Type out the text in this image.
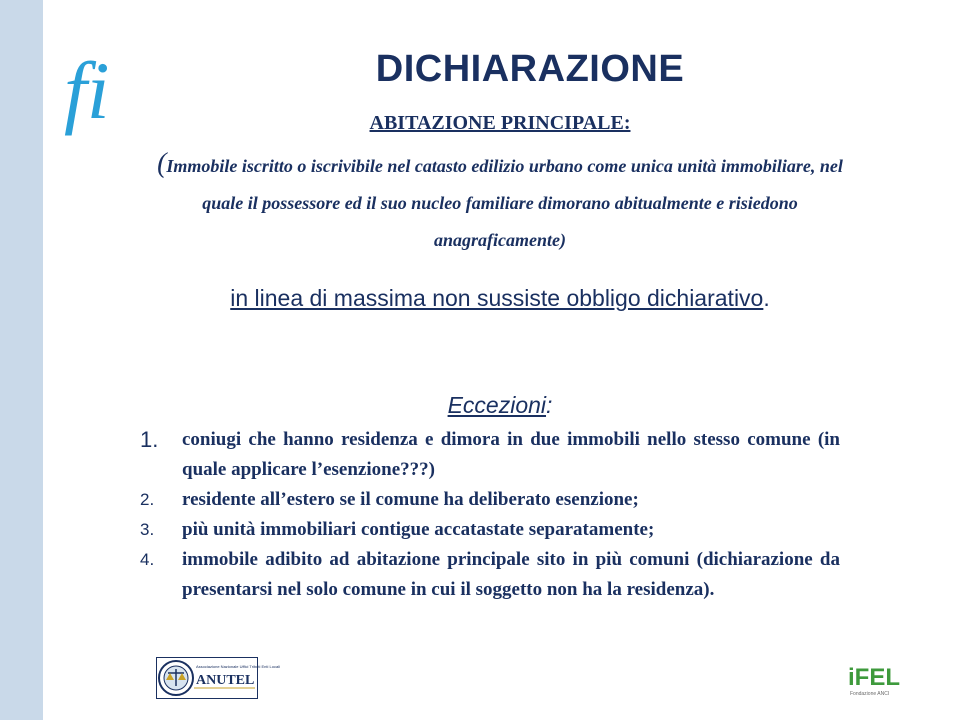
fi	DICHIARAZIONE
ABITAZIONE PRINCIPALE:
(Immobile iscritto o iscrivibile nel catasto edilizio urbano come unica unità immobiliare, nel quale il possessore ed il suo nucleo familiare dimorano abitualmente e risiedono anagraficamente)
in linea di massima non sussiste obbligo dichiarativo.
Eccezioni:
1. coniugi che hanno residenza e dimora in due immobili nello stesso comune (in quale applicare l’esenzione???)
2. residente all’estero se il comune ha deliberato esenzione;
3. più unità immobiliari contigue accatastate separatamente;
4. immobile adibito ad abitazione principale sito in più comuni (dichiarazione da presentarsi nel solo comune in cui il soggetto non ha la residenza).
Associazione Nazionale Uffici Tributi Enti Locali
ANUTEL	iFEL
Fondazione ANCI
